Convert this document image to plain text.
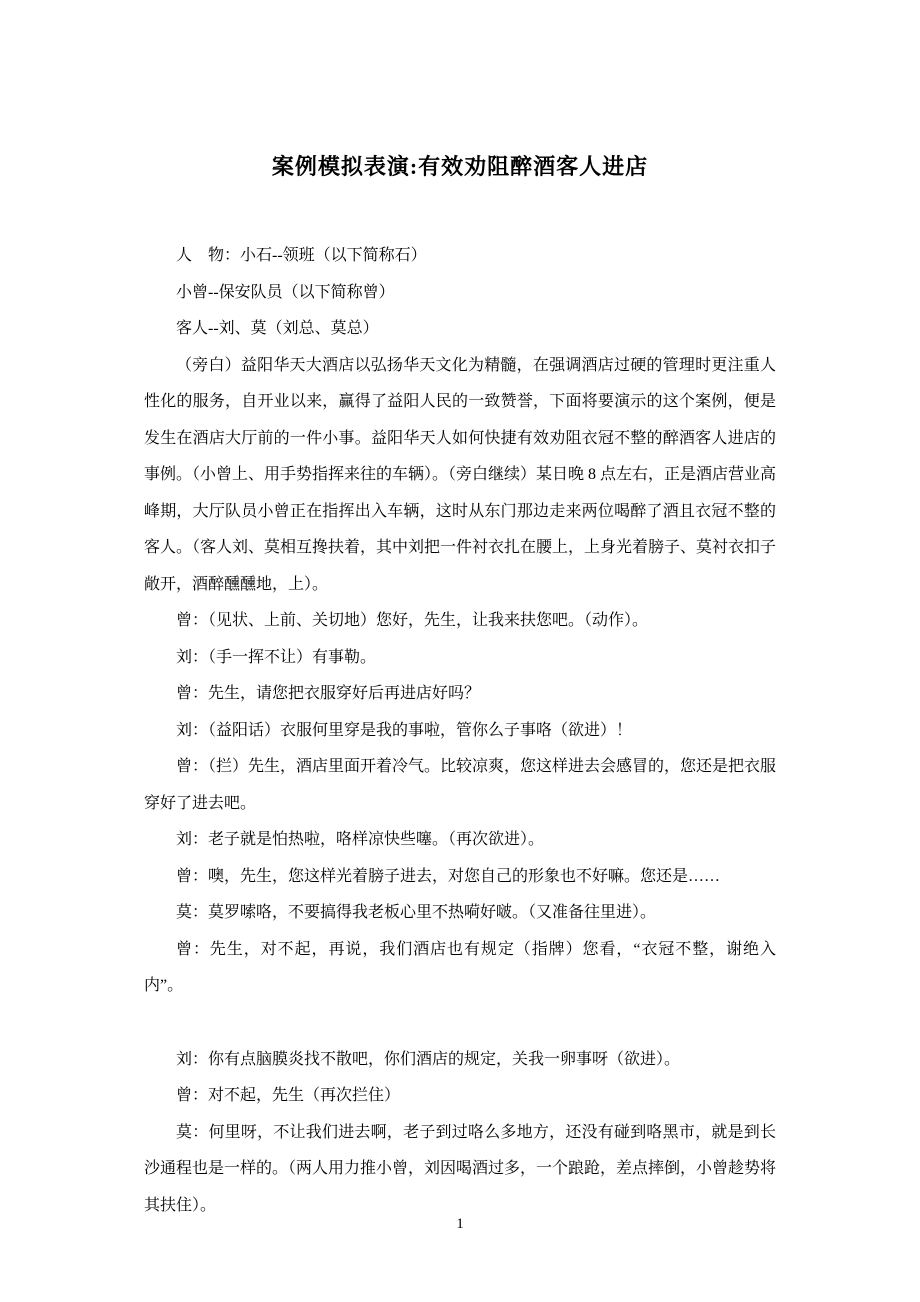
案例模拟表演:有效劝阻醉酒客人进店

人　物：小石--领班（以下简称石）

小曾--保安队员（以下简称曾）

客人--刘、莫（刘总、莫总）

（旁白）益阳华天大酒店以弘扬华天文化为精髓，在强调酒店过硬的管理时更注重人性化的服务，自开业以来，赢得了益阳人民的一致赞誉，下面将要演示的这个案例，便是发生在酒店大厅前的一件小事。益阳华天人如何快捷有效劝阻衣冠不整的醉酒客人进店的事例。（小曾上、用手势指挥来往的车辆）。（旁白继续）某日晚 8 点左右，正是酒店营业高峰期，大厅队员小曾正在指挥出入车辆，这时从东门那边走来两位喝醉了酒且衣冠不整的客人。（客人刘、莫相互搀扶着，其中刘把一件衬衣扎在腰上，上身光着膀子、莫衬衣扣子敞开，酒醉醺醺地，上）。

曾：（见状、上前、关切地）您好，先生，让我来扶您吧。（动作）。

刘：（手一挥不让）有事勒。

曾：先生，请您把衣服穿好后再进店好吗？

刘：（益阳话）衣服何里穿是我的事啦，管你么子事咯（欲进）！

曾：（拦）先生，酒店里面开着冷气。比较凉爽，您这样进去会感冒的，您还是把衣服穿好了进去吧。

刘：老子就是怕热啦，咯样凉快些噻。（再次欲进）。

曾：噢，先生，您这样光着膀子进去，对您自己的形象也不好嘛。您还是……

莫：莫罗嗦咯，不要搞得我老板心里不热嗬好啵。（又准备往里进）。

曾：先生，对不起，再说，我们酒店也有规定（指牌）您看，“衣冠不整，谢绝入内”。

刘：你有点脑膜炎找不散吧，你们酒店的规定，关我一卵事呀（欲进）。

曾：对不起，先生（再次拦住）

莫：何里呀，不让我们进去啊，老子到过咯么多地方，还没有碰到咯黑市，就是到长沙通程也是一样的。（两人用力推小曾，刘因喝酒过多，一个踉跄，差点摔倒，小曾趁势将其扶住）。

1
